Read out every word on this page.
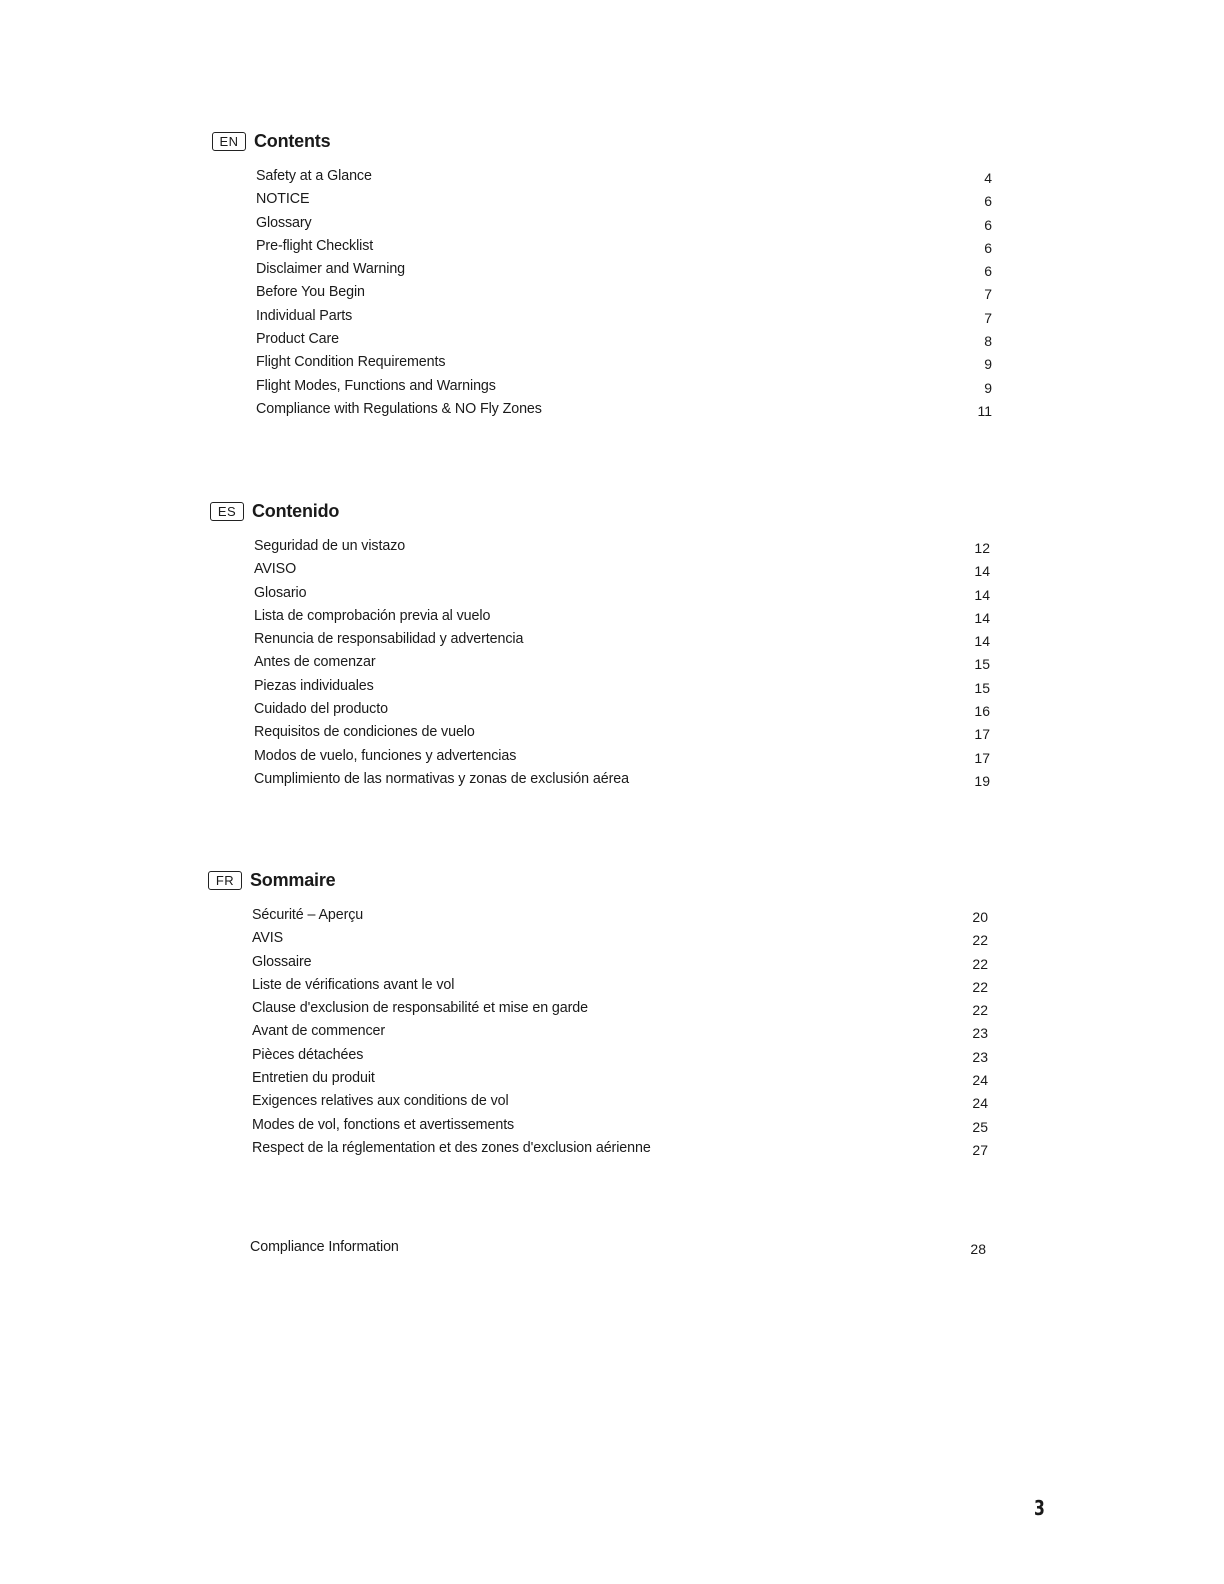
EN Contents
Safety at a Glance	4
NOTICE	6
Glossary	6
Pre-flight Checklist	6
Disclaimer and Warning	6
Before You Begin	7
Individual Parts	7
Product Care	8
Flight Condition Requirements	9
Flight Modes, Functions and Warnings	9
Compliance with Regulations & NO Fly Zones	11
ES Contenido
Seguridad de un vistazo	12
AVISO	14
Glosario	14
Lista de comprobación previa al vuelo	14
Renuncia de responsabilidad y advertencia	14
Antes de comenzar	15
Piezas individuales	15
Cuidado del producto	16
Requisitos de condiciones de vuelo	17
Modos de vuelo, funciones y advertencias	17
Cumplimiento de las normativas y zonas de exclusión aérea	19
FR Sommaire
Sécurité – Aperçu	20
AVIS	22
Glossaire	22
Liste de vérifications avant le vol	22
Clause d'exclusion de responsabilité et mise en garde	22
Avant de commencer	23
Pièces détachées	23
Entretien du produit	24
Exigences relatives aux conditions de vol	24
Modes de vol, fonctions et avertissements	25
Respect de la réglementation et des zones d'exclusion aérienne	27
Compliance Information	28
3
